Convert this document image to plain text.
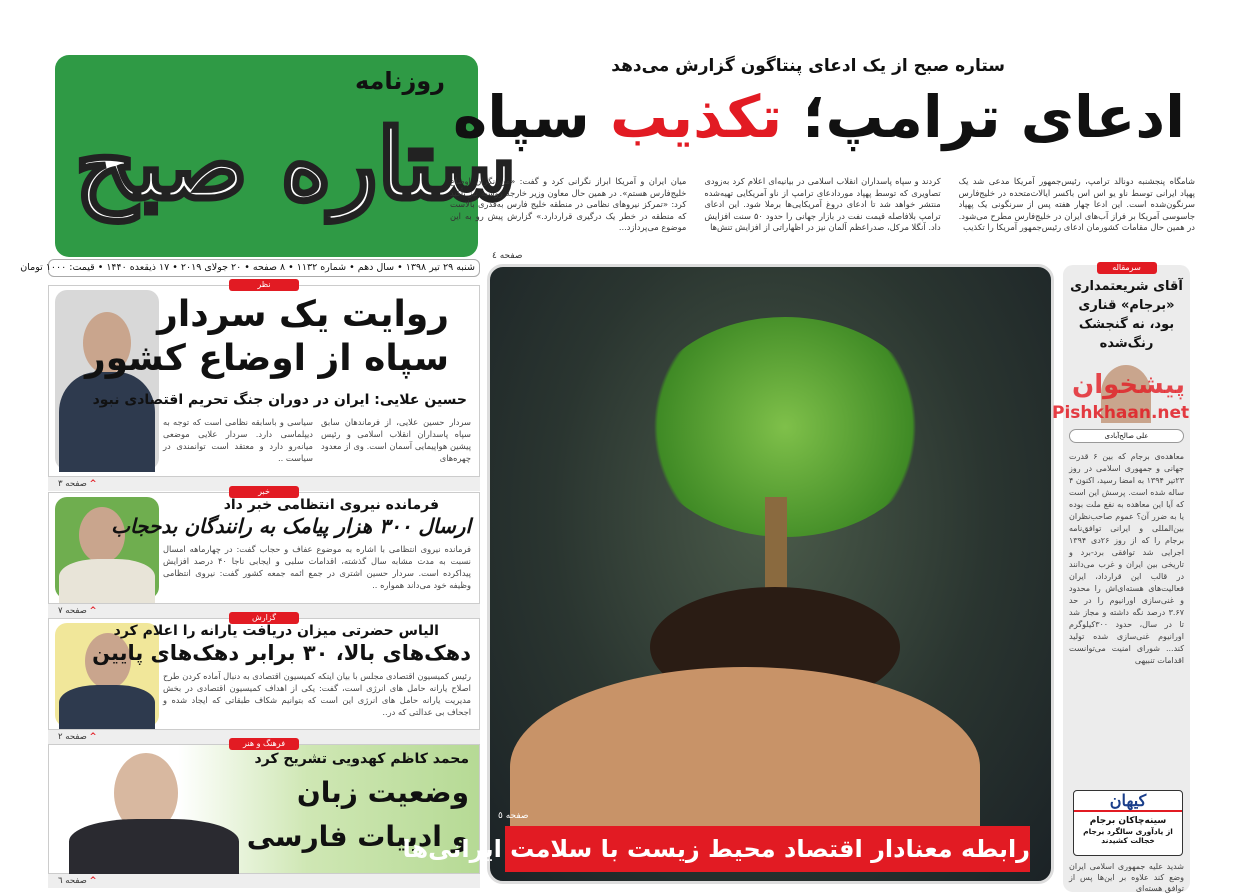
روزنامه
ستاره صبح
شنبه ۲۹ تیر ۱۳۹۸ • سال دهم • شماره ۱۱۳۲ • ۸ صفحه • ۲۰ جولای ۲۰۱۹ • ۱۷ ذیقعده ۱۴۴۰ • قیمت: ۱۰۰۰ تومان
ستاره صبح از یک ادعای پنتاگون گزارش می‌دهد
ادعای ترامپ؛ تکذیب سپاه
شامگاه پنجشنبه دونالد ترامپ، رئیس‌جمهور آمریکا مدعی شد یک پهپاد ایرانی توسط ناو یو اس اس باکسر ایالات‌متحده در خلیج‌فارس سرنگون‌شده است. این ادعا چهار هفته پس از سرنگونی یک پهپاد جاسوسی آمریکا بر فراز آب‌های ایران در خلیج‌فارس مطرح می‌شود. در همین حال مقامات کشورمان ادعای رئیس‌جمهور آمریکا را تکذیب
کردند و سپاه پاسداران انقلاب اسلامی در بیانیه‌ای اعلام کرد به‌زودی تصاویری که توسط پهپاد موردادعای ترامپ از ناو آمریکایی تهیه‌شده منتشر خواهد شد تا ادعای دروغ آمریکایی‌ها برملا شود. این ادعای ترامپ بلافاصله قیمت نفت در بازار جهانی را حدود ۵۰ سنت افزایش داد. آنگلا مرکل، صدراعظم آلمان نیز در اظهاراتی از افزایش تنش‌ها
میان ایران و آمریکا ابراز نگرانی کرد و گفت: «من نگران اوضاع خلیج‌فارس هستم». در همین حال معاون وزیر خارجه روسیه نیز تأکید کرد: «تمرکز نیروهای نظامی در منطقه خلیج فارس به‌قدری بالاست که منطقه در خطر یک درگیری قراردارد.» گزارش پیش رو به این موضوع می‌پردازد...
صفحه ٤
نظر
روایت یک سردار
سپاه از اوضاع کشور
حسین علایی: ایران در دوران جنگ تحریم اقتصادی نبود
سردار حسین علایی، از فرماندهان سابق سپاه پاسداران انقلاب اسلامی و رئیس پیشین هواپیمایی آسمان است. وی از معدود چهره‌های
سیاسی و باسابقه نظامی است که توجه به دیپلماسی دارد. سردار علایی موضعی میانه‌رو دارد و معتقد است توانمندی در سیاست ..
^ صفحه ۳
خبر
فرمانده نیروی انتظامی خبر داد
ارسال ۳۰۰ هزار پیامک به رانندگان بدحجاب
فرمانده نیروی انتظامی با اشاره به موضوع عفاف و حجاب گفت: در چهارماهه امسال نسبت به مدت مشابه سال گذشته، اقدامات سلبی و ایجابی ناجا ۴۰ درصد افزایش پیداکرده است. سردار حسین اشتری در جمع ائمه جمعه کشور گفت: نیروی انتظامی وظیفه خود می‌داند همواره ..
^ صفحه ۷
گزارش
الیاس حضرتی میزان دریافت یارانه را اعلام کرد
دهک‌های بالا، ۳۰ برابر دهک‌های پایین
رئیس کمیسیون اقتصادی مجلس با بیان اینکه کمیسیون اقتصادی به دنبال آماده کردن طرح اصلاح یارانه حامل های انرژی است، گفت: یکی از اهداف کمیسیون اقتصادی در بخش مدیریت یارانه حامل های انرژی این است که بتوانیم شکاف طبقاتی که ایجاد شده و اجحاف بی عدالتی که در..
^ صفحه ۲
فرهنگ و هنر
محمد کاظم کهدویی تشریح کرد
وضعیت زبان
و ادبیات فارسی
^ صفحه ٦
صفحه ٥
رابطه معنادار اقتصاد محیط زیست با سلامت ایرانی‌ها
سرمقاله
آقای شریعتمداری «برجام» قناری بود، نه گنجشک رنگ‌شده
علی صالح‌آبادی
معاهده‌ی برجام که بین ۶ قدرت جهانی و جمهوری اسلامی در روز ۲۳تیر ۱۳۹۴ به امضا رسید، اکنون ۴ ساله شده است. پرسش این است که آیا این معاهده به نفع ملت بوده یا به ضرر آن؟ عموم صاحب‌نظران بین‌المللی و ایرانی توافق‌نامه برجام را که از روز ۲۶دی ۱۳۹۴ اجرایی شد توافقی برد-برد و تاریخی بین ایران و غرب می‌دانند در قالب این قرارداد، ایران فعالیت‌های هسته‌ای‌اش را محدود و غنی‌سازی اورانیوم را در حد ۳.۶۷ درصد نگه داشته و مجاز شد تا در سال، حدود ۳۰۰کیلوگرم اورانیوم غنی‌سازی شده تولید کند... شورای امنیت می‌توانست اقدامات تنبیهی
کیهان
سینه‌چاکان برجام
از یادآوری سالگرد برجام خجالت کشیدند
شدید علیه جمهوری اسلامی ایران وضع کند علاوه بر این‌ها پس از توافق هسته‌ای
پیشخوان
Pishkhaan.net
